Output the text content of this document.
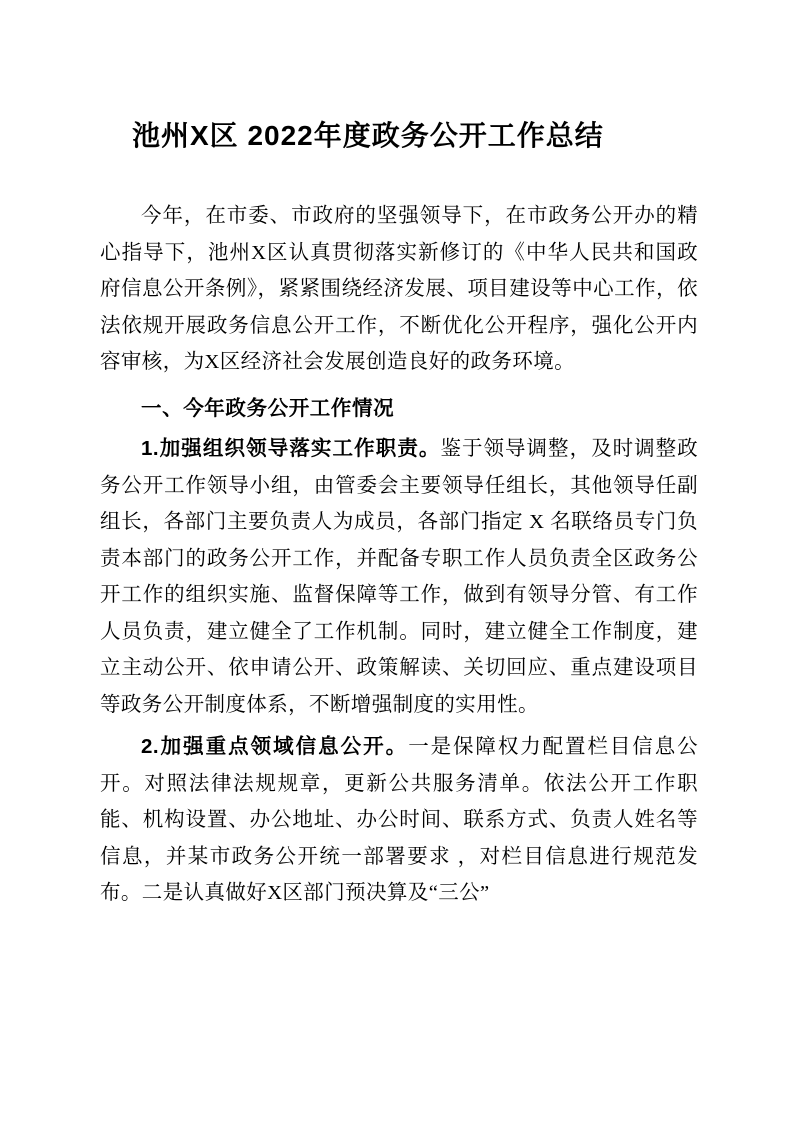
池州X区 2022年度政务公开工作总结

今年，在市委、市政府的坚强领导下，在市政务公开办的精心指导下，池州X区认真贯彻落实新修订的《中华人民共和国政府信息公开条例》，紧紧围绕经济发展、项目建设等中心工作，依法依规开展政务信息公开工作，不断优化公开程序，强化公开内容审核，为X区经济社会发展创造良好的政务环境。

一、今年政务公开工作情况

1.加强组织领导落实工作职责。鉴于领导调整，及时调整政务公开工作领导小组，由管委会主要领导任组长，其他领导任副组长，各部门主要负责人为成员，各部门指定 X 名联络员专门负责本部门的政务公开工作，并配备专职工作人员负责全区政务公开工作的组织实施、监督保障等工作，做到有领导分管、有工作人员负责，建立健全了工作机制。同时，建立健全工作制度，建立主动公开、依申请公开、政策解读、关切回应、重点建设项目等政务公开制度体系，不断增强制度的实用性。

2.加强重点领域信息公开。一是保障权力配置栏目信息公开。对照法律法规规章，更新公共服务清单。依法公开工作职能、机构设置、办公地址、办公时间、联系方式、负责人姓名等信息，并某市政务公开统一部署要求 ，对栏目信息进行规范发布。二是认真做好X区部门预决算及“三公”
